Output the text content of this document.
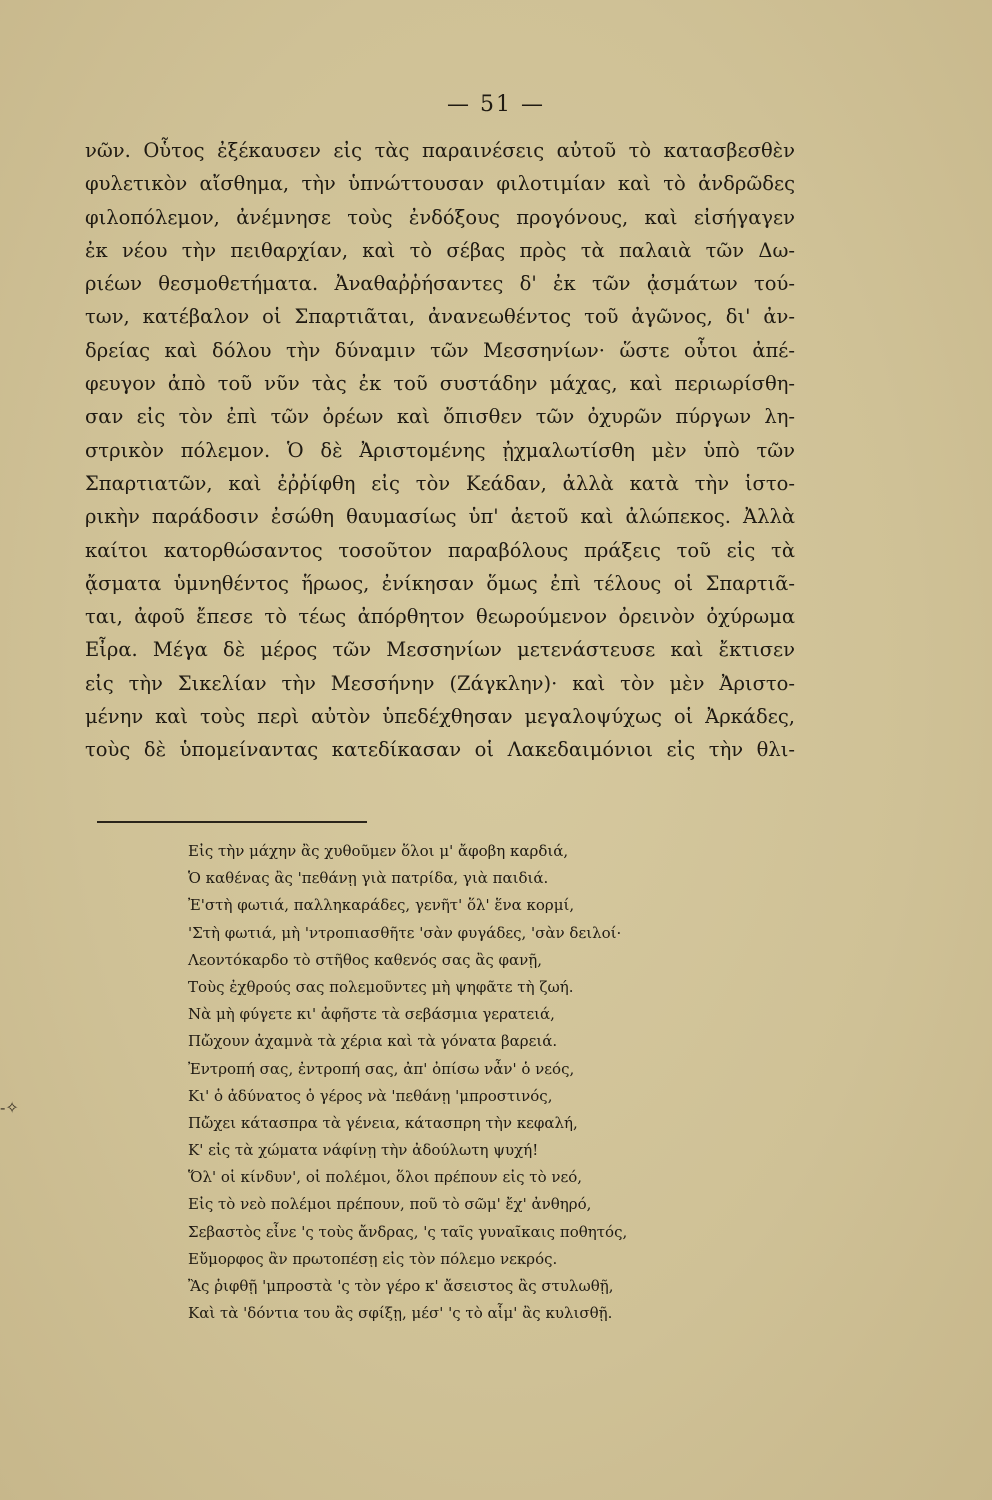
— 51 —
νῶν. Οὗτος ἐξέκαυσεν εἰς τὰς παραινέσεις αὐτοῦ τὸ κατασβεσθὲν
φυλετικὸν αἴσθημα, τὴν ὑπνώττουσαν φιλοτιμίαν καὶ τὸ ἀνδρῶδες
φιλοπόλεμον, ἀνέμνησε τοὺς ἐνδόξους προγόνους, καὶ εἰσήγαγεν
ἐκ νέου τὴν πειθαρχίαν, καὶ τὸ σέβας πρὸς τὰ παλαιὰ τῶν Δω-
ριέων θεσμοθετήματα. Ἀναθαῤῥήσαντες δ' ἐκ τῶν ᾀσμάτων τού-
των, κατέβαλον οἱ Σπαρτιᾶται, ἀνανεωθέντος τοῦ ἀγῶνος, δι' ἀν-
δρείας καὶ δόλου τὴν δύναμιν τῶν Μεσσηνίων· ὥστε οὗτοι ἀπέ-
φευγον ἀπὸ τοῦ νῦν τὰς ἐκ τοῦ συστάδην μάχας, καὶ περιωρίσθη-
σαν εἰς τὸν ἐπὶ τῶν ὀρέων καὶ ὄπισθεν τῶν ὀχυρῶν πύργων λη-
στρικὸν πόλεμον. Ὁ δὲ Ἀριστομένης ᾐχμαλωτίσθη μὲν ὑπὸ τῶν
Σπαρτιατῶν, καὶ ἐῤῥίφθη εἰς τὸν Κεάδαν, ἀλλὰ κατὰ τὴν ἱστο-
ρικὴν παράδοσιν ἐσώθη θαυμασίως ὑπ' ἀετοῦ καὶ ἀλώπεκος. Ἀλλὰ
καίτοι κατορθώσαντος τοσοῦτον παραβόλους πράξεις τοῦ εἰς τὰ
ᾄσματα ὑμνηθέντος ἥρωος, ἐνίκησαν ὅμως ἐπὶ τέλους οἱ Σπαρτιᾶ-
ται, ἀφοῦ ἔπεσε τὸ τέως ἀπόρθητον θεωρούμενον ὀρεινὸν ὀχύρωμα
Εἶρα. Μέγα δὲ μέρος τῶν Μεσσηνίων μετενάστευσε καὶ ἔκτισεν
εἰς τὴν Σικελίαν τὴν Μεσσήνην (Ζάγκλην)· καὶ τὸν μὲν Ἀριστο-
μένην καὶ τοὺς περὶ αὐτὸν ὑπεδέχθησαν μεγαλοψύχως οἱ Ἀρκάδες,
τοὺς δὲ ὑπομείναντας κατεδίκασαν οἱ Λακεδαιμόνιοι εἰς τὴν θλι-
Εἰς τὴν μάχην ἂς χυθοῦμεν ὅλοι μ' ἄφοβη καρδιά,
Ὁ καθένας ἂς 'πεθάνῃ γιὰ πατρίδα, γιὰ παιδιά.
Ἐ'στὴ φωτιά, παλληκαράδες, γενῆτ' ὅλ' ἕνα κορμί,
'Στὴ φωτιά, μὴ 'ντροπιασθῆτε 'σὰν φυγάδες, 'σὰν δειλοί·
Λεοντόκαρδο τὸ στῆθος καθενός σας ἂς φανῇ,
Τοὺς ἐχθρούς σας πολεμοῦντες μὴ ψηφᾶτε τὴ ζωή.
Νὰ μὴ φύγετε κι' ἀφῆστε τὰ σεβάσμια γερατειά,
Πὤχουν ἀχαμνὰ τὰ χέρια καὶ τὰ γόνατα βαρειά.
Ἐντροπή σας, ἐντροπή σας, ἀπ' ὀπίσω νἆν' ὁ νεός,
Κι' ὁ ἀδύνατος ὁ γέρος νὰ 'πεθάνῃ 'μπροστινός,
Πὤχει κάτασπρα τὰ γένεια, κάτασπρη τὴν κεφαλή,
Κ' εἰς τὰ χώματα νάφίνῃ τὴν ἀδούλωτη ψυχή!
Ὅλ' οἱ κίνδυν', οἱ πολέμοι, ὅλοι πρέπουν εἰς τὸ νεό,
Εἰς τὸ νεὸ πολέμοι πρέπουν, ποῦ τὸ σῶμ' ἔχ' ἀνθηρό,
Σεβαστὸς εἶνε 'ς τοὺς ἄνδρας, 'ς ταῖς γυναῖκαις ποθητός,
Εὔμορφος ἂν πρωτοπέσῃ εἰς τὸν πόλεμο νεκρός.
Ἂς ῥιφθῇ 'μπροστὰ 'ς τὸν γέρο κ' ἄσειστος ἂς στυλωθῇ,
Καὶ τὰ 'δόντια του ἂς σφίξῃ, μέσ' 'ς τὸ αἷμ' ἂς κυλισθῇ.
-✧
